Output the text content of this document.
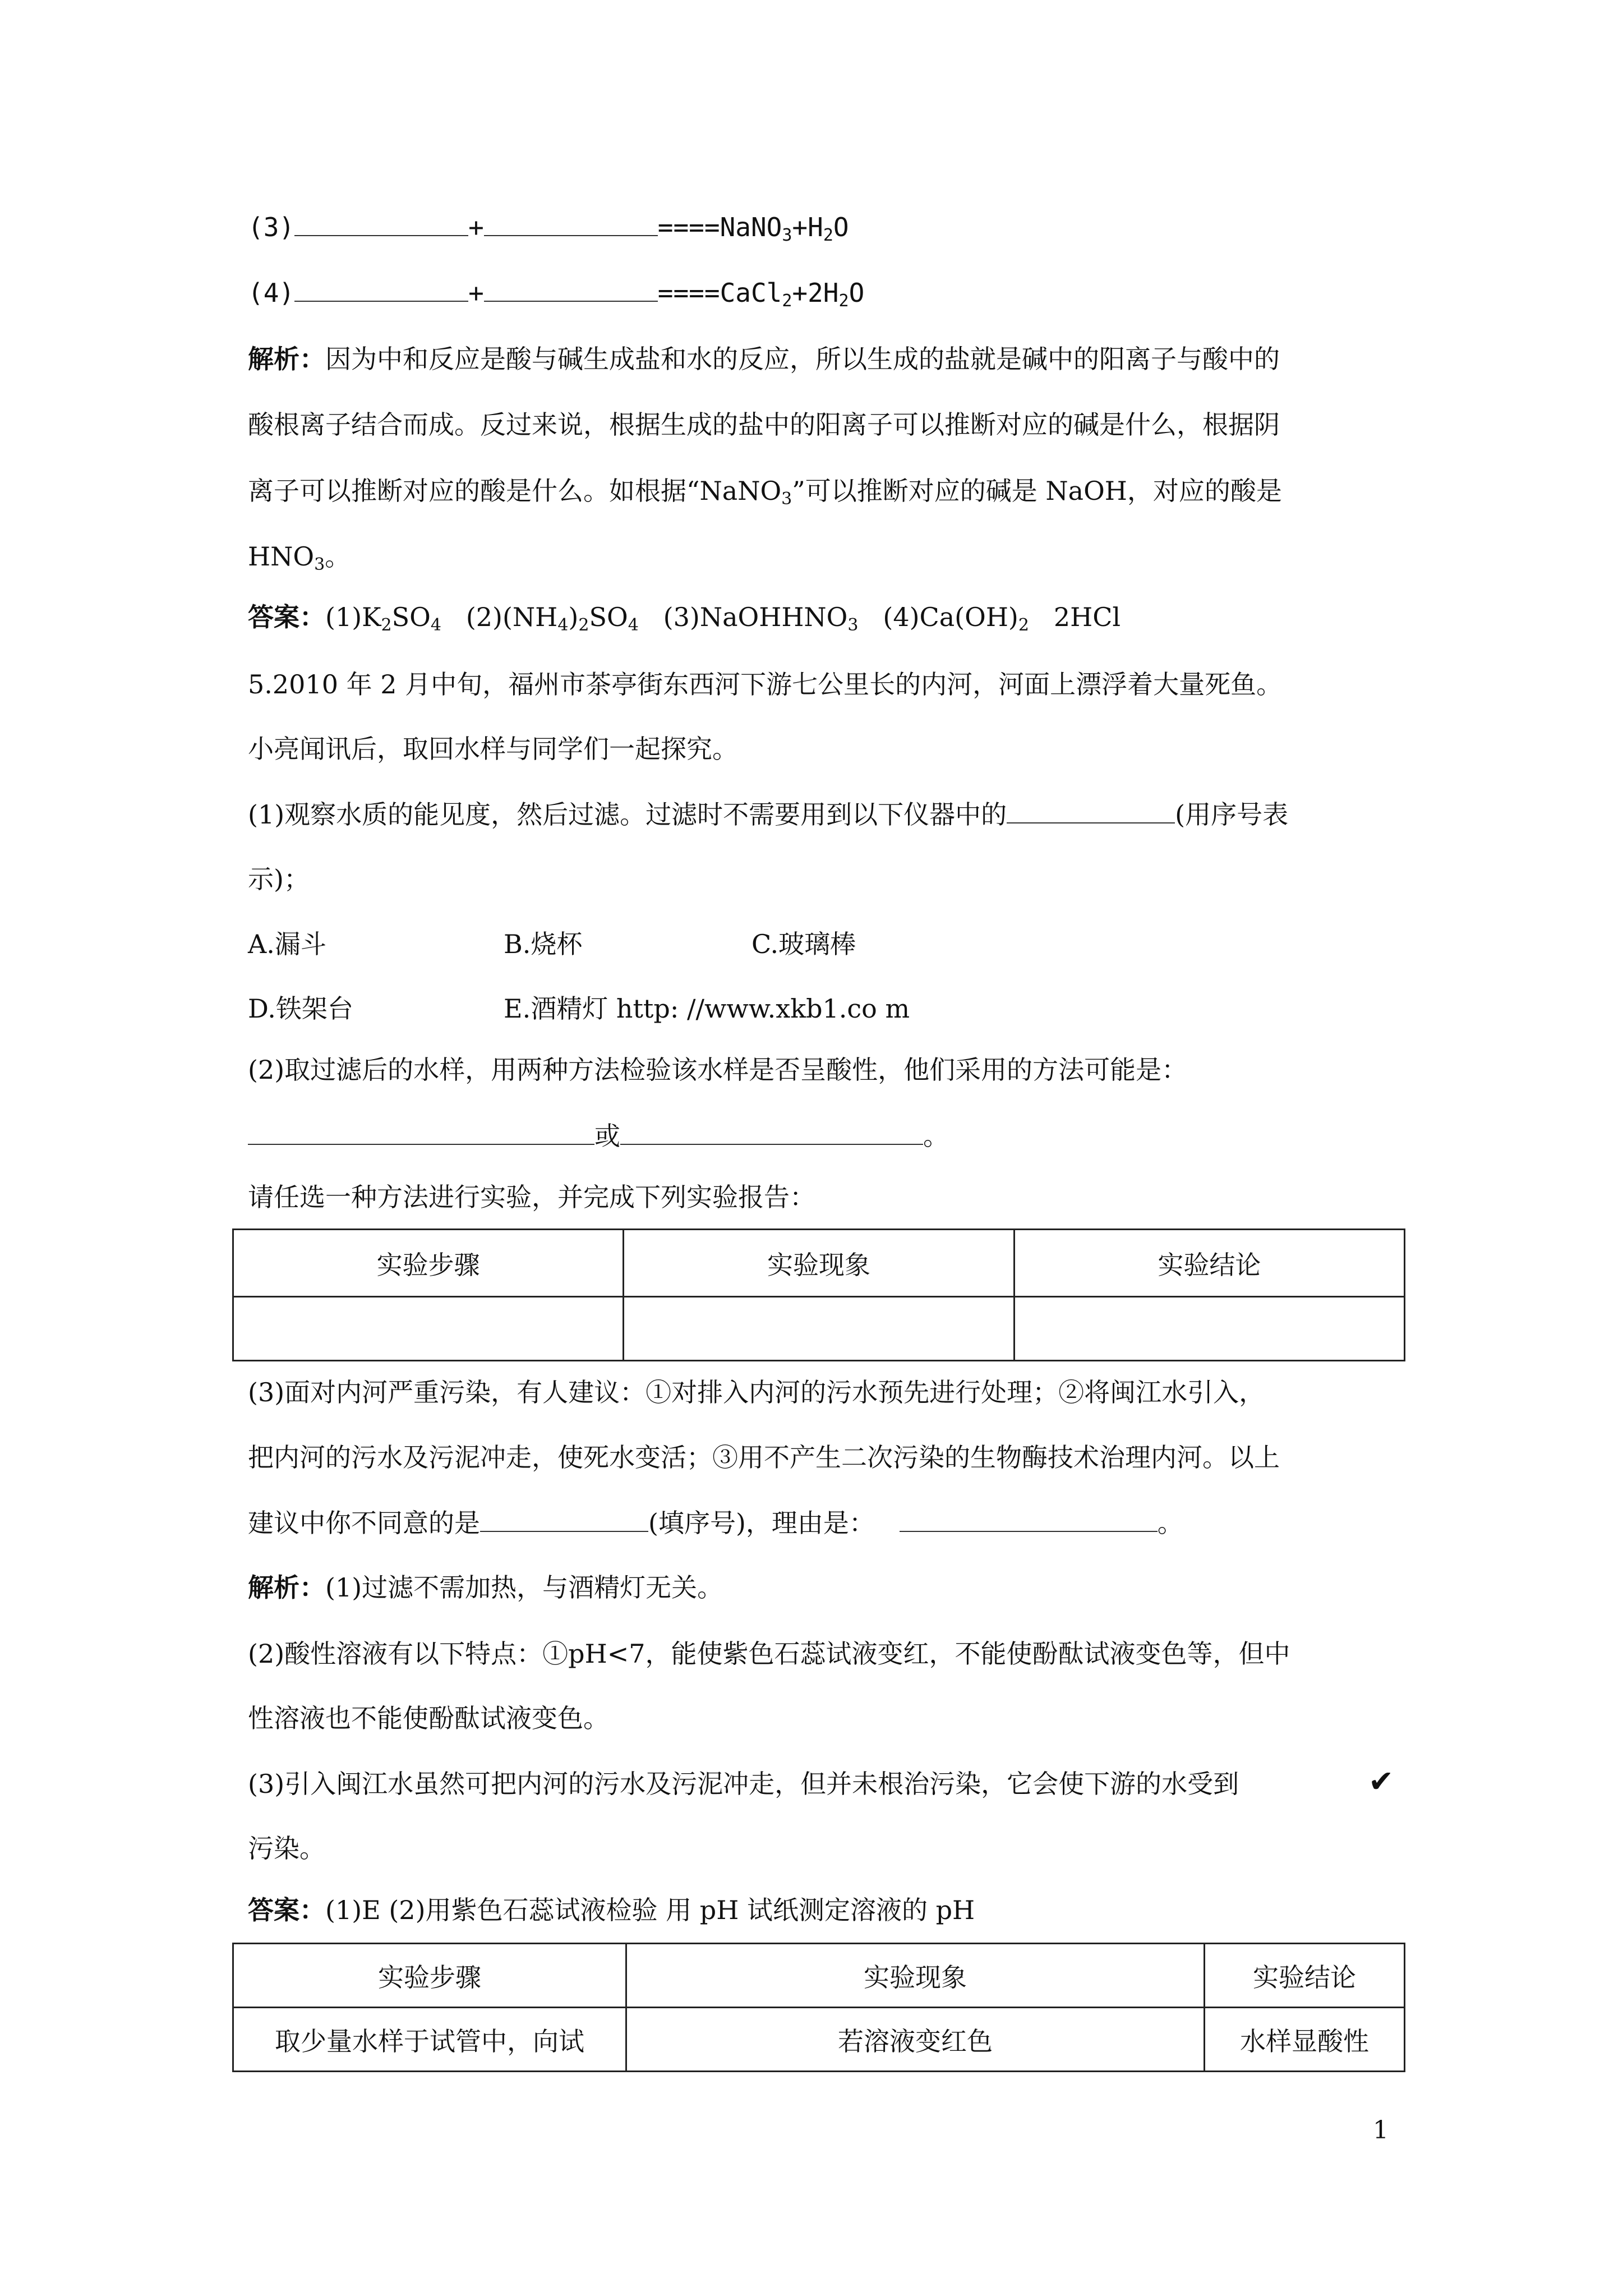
(3)	+	$====NaNO_3+H_2O$
(4)	+	$====CaCl_2+2H_2O$
解析：因为中和反应是酸与碱生成盐和水的反应，所以生成的盐就是碱中的阳离子与酸中的
酸根离子结合而成。反过来说，根据生成的盐中的阳离子可以推断对应的碱是什么，根据阴
离子可以推断对应的酸是什么。如根据“NaNO$_3$”可以推断对应的碱是 NaOH，对应的酸是
$HNO_3$。
答案：$(1)K_2SO_4$ $(2)(NH_4)_2SO_4$ (3)NaOHHNO$_3$ $(4)Ca(OH)_2$ 2HCl
5.2010 年 2 月中旬，福州市茶亭街东西河下游七公里长的内河，河面上漂浮着大量死鱼。
小亮闻讯后，取回水样与同学们一起探究。
(1)观察水质的能见度，然后过滤。过滤时不需要用到以下仪器中的	(用序号表
示)；
A.漏斗	B.烧杯	C.玻璃棒
D.铁架台	E.酒精灯 http: //www.xkb1.co m
(2)取过滤后的水样，用两种方法检验该水样是否呈酸性，他们采用的方法可能是：
或	。
请任选一种方法进行实验，并完成下列实验报告：
实验步骤	实验现象	实验结论

(3)面对内河严重污染，有人建议：①对排入内河的污水预先进行处理；②将闽江水引入，
把内河的污水及污泥冲走，使死水变活；③用不产生二次污染的生物酶技术治理内河。以上
建议中你不同意的是	(填序号)，理由是：	。
解析：(1)过滤不需加热，与酒精灯无关。
(2)酸性溶液有以下特点：①pH<7，能使紫色石蕊试液变红，不能使酚酞试液变色等，但中
性溶液也不能使酚酞试液变色。
(3)引入闽江水虽然可把内河的污水及污泥冲走，但并未根治污染，它会使下游的水受到	✔
污染。
答案：(1)E (2)用紫色石蕊试液检验 用 pH 试纸测定溶液的 pH
实验步骤	实验现象	实验结论
取少量水样于试管中，向试	若溶液变红色	水样显酸性
1
